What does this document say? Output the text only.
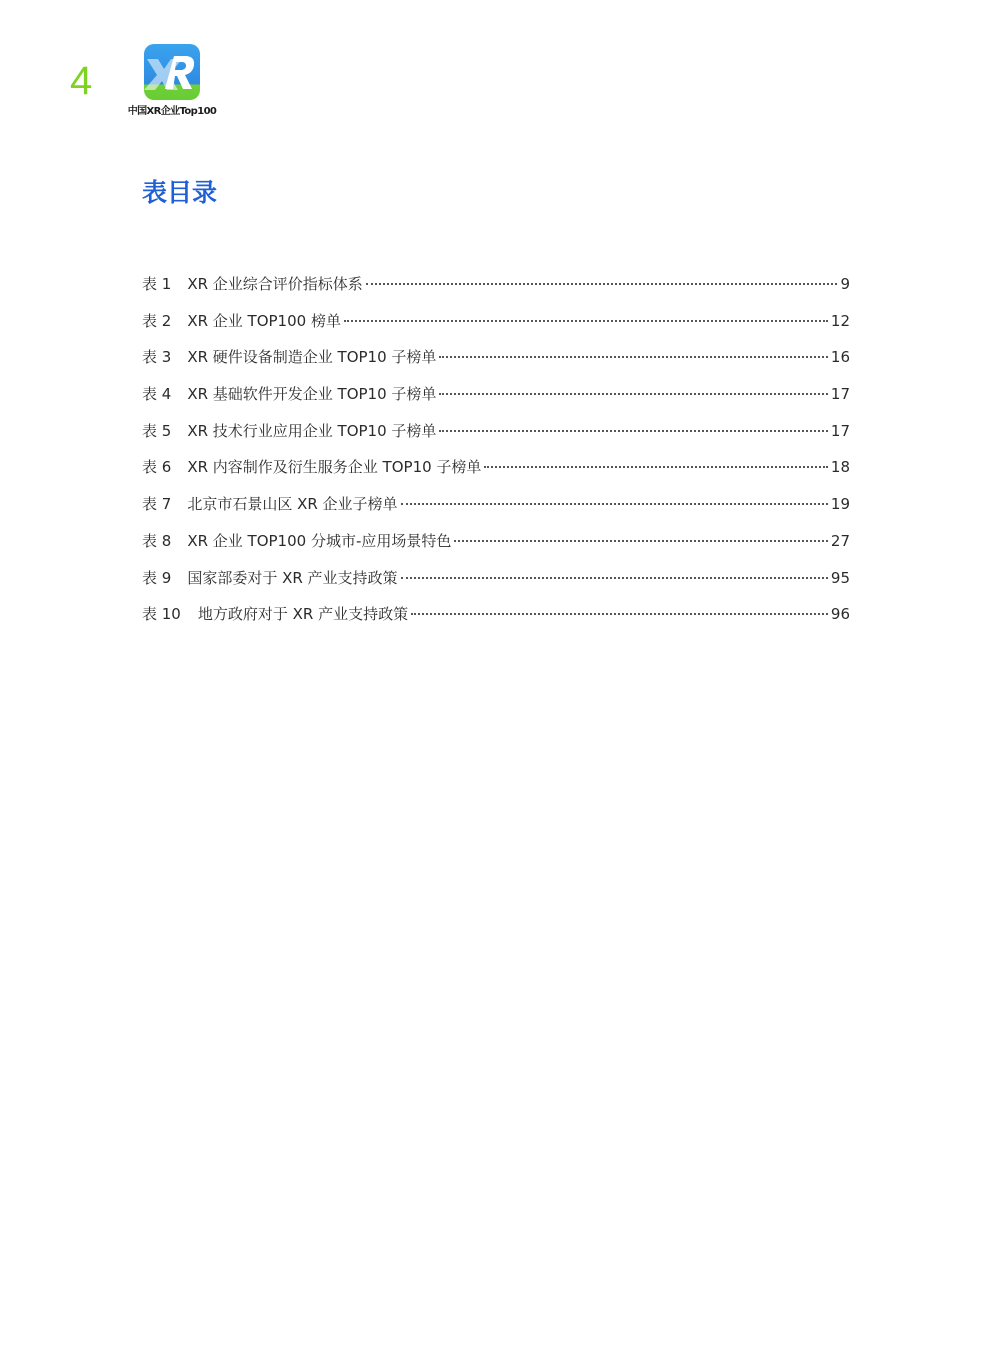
4
中国XR企业Top100
表目录
表 1 XR 企业综合评价指标体系	9
表 2 XR 企业 TOP100 榜单	12
表 3 XR 硬件设备制造企业 TOP10 子榜单	16
表 4 XR 基础软件开发企业 TOP10 子榜单	17
表 5 XR 技术行业应用企业 TOP10 子榜单	17
表 6 XR 内容制作及衍生服务企业 TOP10 子榜单	18
表 7 北京市石景山区 XR 企业子榜单	19
表 8 XR 企业 TOP100 分城市-应用场景特色	27
表 9 国家部委对于 XR 产业支持政策	95
表 10 地方政府对于 XR 产业支持政策	96
